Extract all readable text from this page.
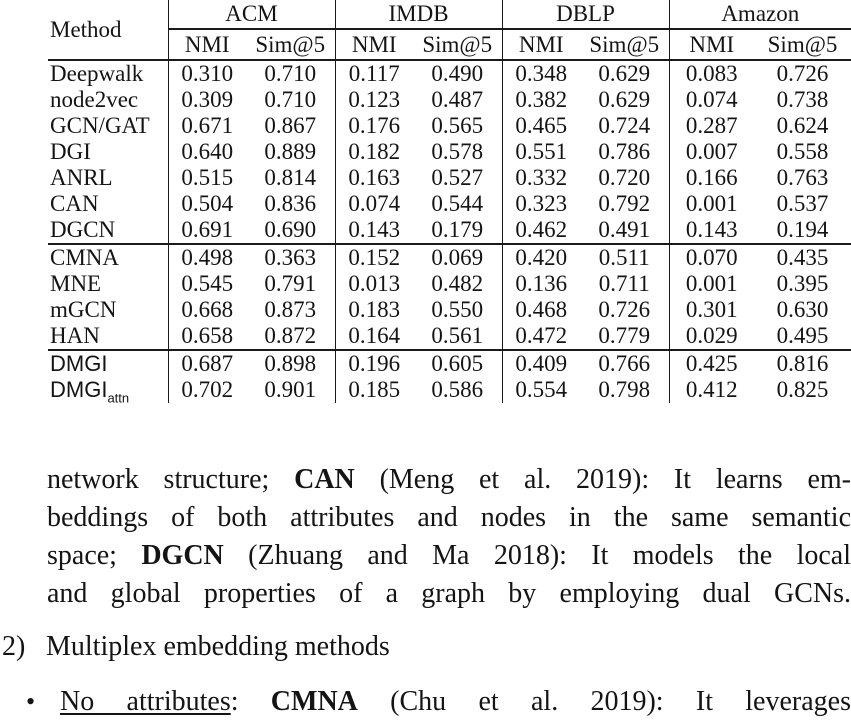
Method	ACM		IMDB		DBLP		Amazon	
	NMI	Sim@5	NMI	Sim@5	NMI	Sim@5	NMI	Sim@5
Deepwalk	0.310	0.710	0.117	0.490	0.348	0.629	0.083	0.726
node2vec	0.309	0.710	0.123	0.487	0.382	0.629	0.074	0.738
GCN/GAT	0.671	0.867	0.176	0.565	0.465	0.724	0.287	0.624
DGI	0.640	0.889	0.182	0.578	0.551	0.786	0.007	0.558
ANRL	0.515	0.814	0.163	0.527	0.332	0.720	0.166	0.763
CAN	0.504	0.836	0.074	0.544	0.323	0.792	0.001	0.537
DGCN	0.691	0.690	0.143	0.179	0.462	0.491	0.143	0.194
CMNA	0.498	0.363	0.152	0.069	0.420	0.511	0.070	0.435
MNE	0.545	0.791	0.013	0.482	0.136	0.711	0.001	0.395
mGCN	0.668	0.873	0.183	0.550	0.468	0.726	0.301	0.630
HAN	0.658	0.872	0.164	0.561	0.472	0.779	0.029	0.495
DMGI	0.687	0.898	0.196	0.605	0.409	0.766	0.425	0.816
$DMGI_{attn}$	0.702	0.901	0.185	0.586	0.554	0.798	0.412	0.825
network structure; CAN (Meng et al. 2019): It learns em-
beddings of both attributes and nodes in the same semantic
space; DGCN (Zhuang and Ma 2018): It models the local
and global properties of a graph by employing dual GCNs.
2) Multiplex embedding methods
• No attributes: CMNA (Chu et al. 2019): It leverages
